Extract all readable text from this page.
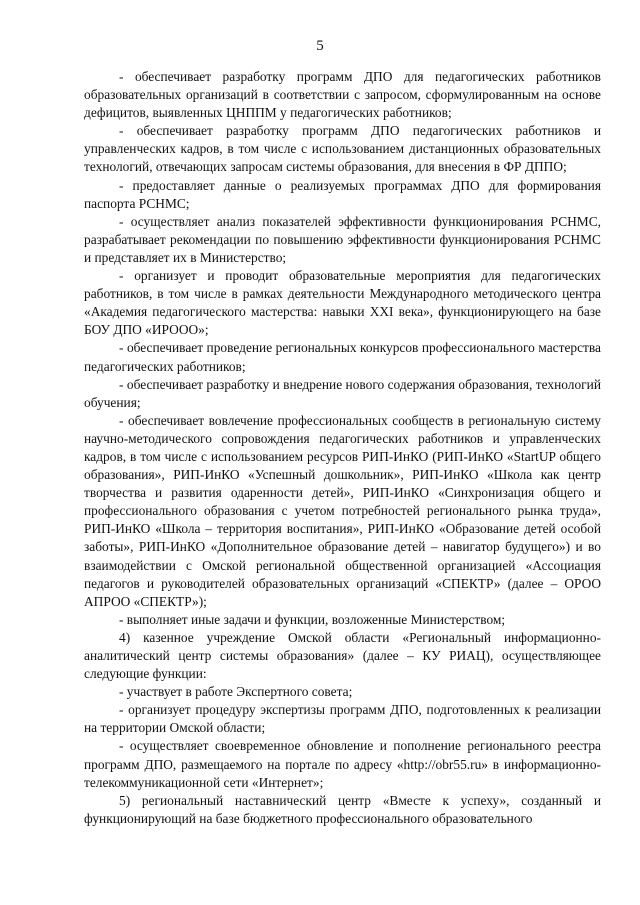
5

- обеспечивает разработку программ ДПО для педагогических работников образовательных организаций в соответствии с запросом, сформулированным на основе дефицитов, выявленных ЦНППМ у педагогических работников;

- обеспечивает разработку программ ДПО педагогических работников и управленческих кадров, в том числе с использованием дистанционных образовательных технологий, отвечающих запросам системы образования, для внесения в ФР ДППО;

- предоставляет данные о реализуемых программах ДПО для формирования паспорта РСНМС;

- осуществляет анализ показателей эффективности функционирования РСНМС, разрабатывает рекомендации по повышению эффективности функционирования РСНМС и представляет их в Министерство;

- организует и проводит образовательные мероприятия для педагогических работников, в том числе в рамках деятельности Международного методического центра «Академия педагогического мастерства: навыки XXI века», функционирующего на базе БОУ ДПО «ИРООО»;

- обеспечивает проведение региональных конкурсов профессионального мастерства педагогических работников;

- обеспечивает разработку и внедрение нового содержания образования, технологий обучения;

- обеспечивает вовлечение профессиональных сообществ в региональную систему научно-методического сопровождения педагогических работников и управленческих кадров, в том числе с использованием ресурсов РИП-ИнКО (РИП-ИнКО «StartUP общего образования», РИП-ИнКО «Успешный дошкольник», РИП-ИнКО «Школа как центр творчества и развития одаренности детей», РИП-ИнКО «Синхронизация общего и профессионального образования с учетом потребностей регионального рынка труда», РИП-ИнКО «Школа – территория воспитания», РИП-ИнКО «Образование детей особой заботы», РИП-ИнКО «Дополнительное образование детей – навигатор будущего») и во взаимодействии с Омской региональной общественной организацией «Ассоциация педагогов и руководителей образовательных организаций «СПЕКТР» (далее – ОРОО АПРОО «СПЕКТР»);

- выполняет иные задачи и функции, возложенные Министерством;

4) казенное учреждение Омской области «Региональный информационно-аналитический центр системы образования» (далее – КУ РИАЦ), осуществляющее следующие функции:

- участвует в работе Экспертного совета;

- организует процедуру экспертизы программ ДПО, подготовленных к реализации на территории Омской области;

- осуществляет своевременное обновление и пополнение регионального реестра программ ДПО, размещаемого на портале по адресу «http://obr55.ru» в информационно-телекоммуникационной сети «Интернет»;

5) региональный наставнический центр «Вместе к успеху», созданный и функционирующий на базе бюджетного профессионального образовательного
